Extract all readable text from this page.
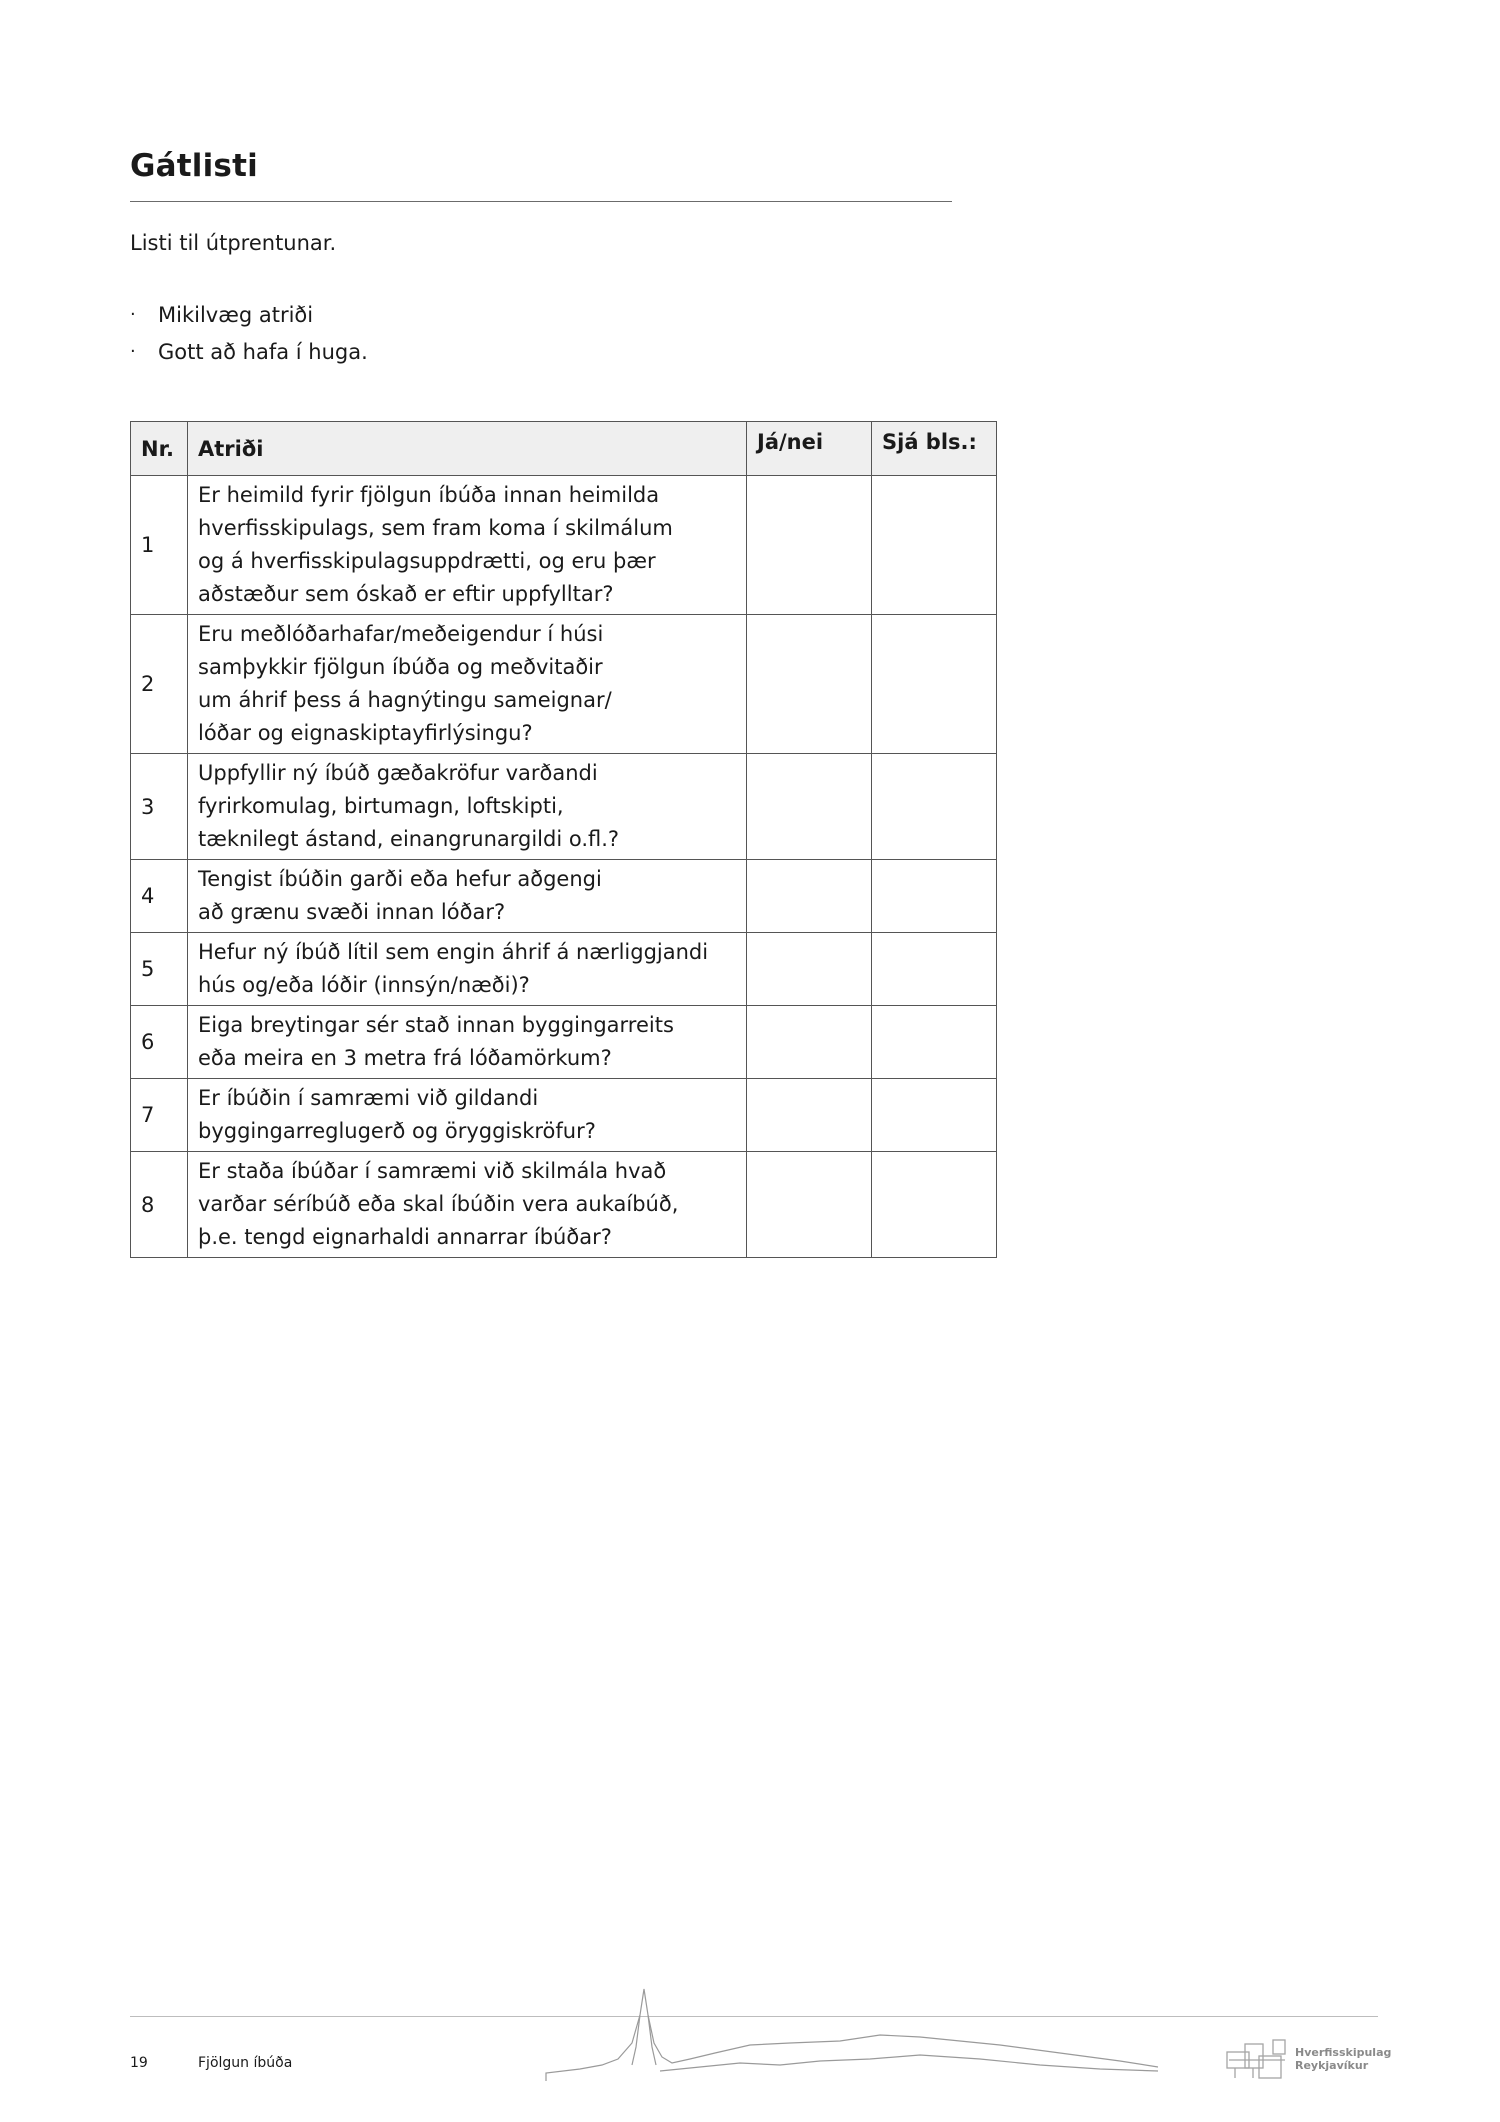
Gátlisti
Listi til útprentunar.
·	Mikilvæg atriði
·	Gott að hafa í huga.
Nr.	Atriði	Já/nei	Sjá bls.:
1	Er heimild fyrir fjölgun íbúða innan heimilda
hverfisskipulags, sem fram koma í skilmálum
og á hverfisskipulagsuppdrætti, og eru þær
aðstæður sem óskað er eftir uppfylltar?		
2	Eru meðlóðarhafar/meðeigendur í húsi
samþykkir fjölgun íbúða og meðvitaðir
um áhrif þess á hagnýtingu sameignar/
lóðar og eignaskiptayfirlýsingu?		
3	Uppfyllir ný íbúð gæðakröfur varðandi
fyrirkomulag, birtumagn, loftskipti,
tæknilegt ástand, einangrunargildi o.fl.?		
4	Tengist íbúðin garði eða hefur aðgengi
að grænu svæði innan lóðar?		
5	Hefur ný íbúð lítil sem engin áhrif á nærliggjandi
hús og/eða lóðir (innsýn/næði)?		
6	Eiga breytingar sér stað innan byggingarreits
eða meira en 3 metra frá lóðamörkum?		
7	Er íbúðin í samræmi við gildandi
byggingarreglugerð og öryggiskröfur?		
8	Er staða íbúðar í samræmi við skilmála hvað
varðar séríbúð eða skal íbúðin vera aukaíbúð,
þ.e. tengd eignarhaldi annarrar íbúðar?		
19	Fjölgun íbúða
Hverfisskipulag
Reykjavíkur
